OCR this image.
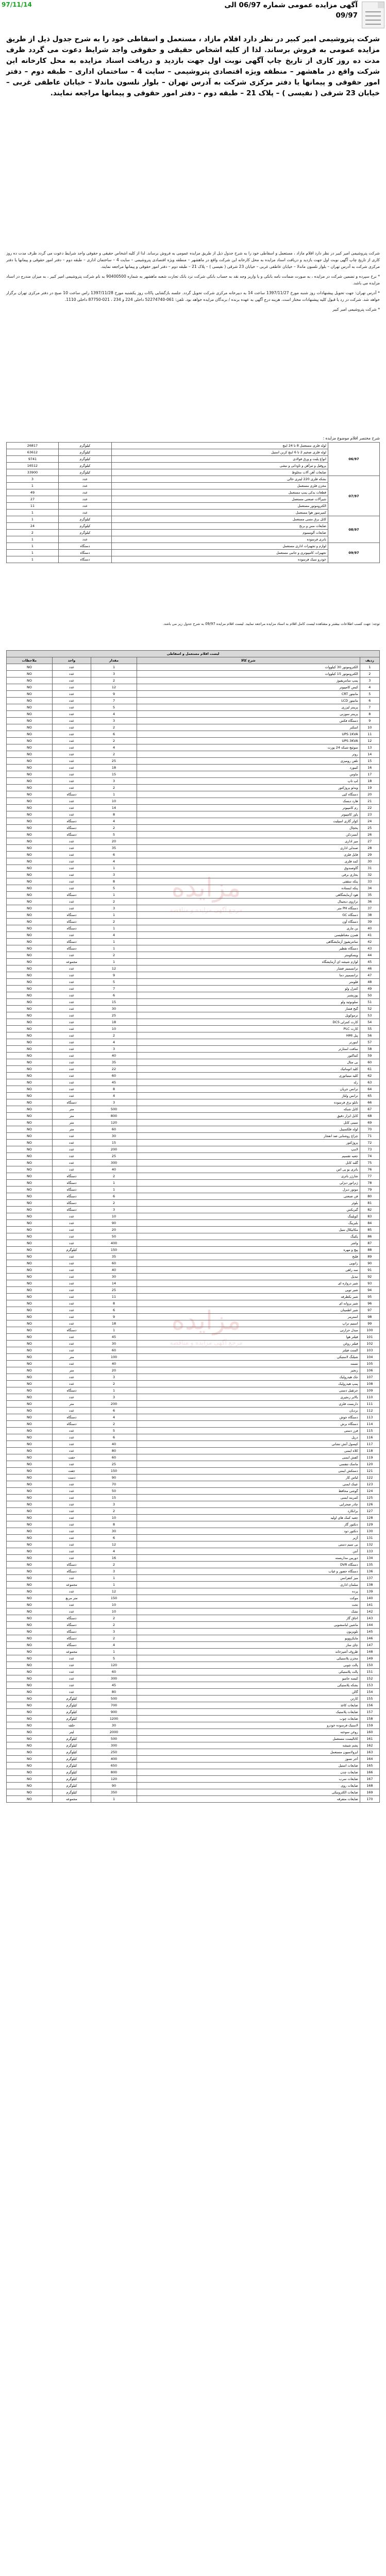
آگهی مزایده عمومی شماره 06/97 الی
97/11/14
09/97
شرکت پتروشیمی امیر کبیر در نظر دارد اقلام مازاد ، مستعمل و اسقاطی خود را به شرح جدول ذیل از طریق مزایده عمومی به فروش برساند. لذا از کلیه اشخاص حقیقی و حقوقی واجد شرایط دعوت می گردد ظرف مدت ده روز کاری از تاریخ چاپ آگهی نوبت اول جهت بازدید و دریافت اسناد مزایده به محل کارخانه این شرکت واقع در ماهشهر – منطقه ویژه اقتصادی پتروشیمی – سایت 4 – ساختمان اداری – طبقه دوم – دفتر امور حقوقی و پیمانها یا دفتر مرکزی شرکت به آدرس تهران – بلوار نلسون ماندلا – خیابان عاطفی غربی – خیابان 23 شرقی ( نفیسی ) – پلاک 21 – طبقه دوم – دفتر امور حقوقی و پیمانها مراجعه نمایند.

شرکت پتروشیمی امیر کبیر در نظر دارد اقلام مازاد ، مستعمل و اسقاطی خود را به شرح جدول ذیل از طریق مزایده عمومی به فروش برساند. لذا از کلیه اشخاص حقیقی و حقوقی واجد شرایط دعوت می گردد ظرف مدت ده روز کاری از تاریخ چاپ آگهی نوبت اول جهت بازدید و دریافت اسناد مزایده به محل کارخانه این شرکت واقع در ماهشهر – منطقه ویژه اقتصادی پتروشیمی – سایت 4 – ساختمان اداری – طبقه دوم – دفتر امور حقوقی و پیمانها یا دفتر مرکزی شرکت به آدرس تهران – بلوار نلسون ماندلا – خیابان عاطفی غربی – خیابان 23 شرقی ( نفیسی ) – پلاک 21 – طبقه دوم – دفتر امور حقوقی و پیمانها مراجعه نمایند.

* نرخ سپرده و تضمین شرکت در مزایده ، به صورت ضمانت نامه بانکی و یا واریز وجه نقد به حساب بانکی شرکت نزد بانک تجارت شعبه ماهشهر به شماره 90400500 به نام شرکت پتروشیمی امیر کبیر ، به میزان مندرج در اسناد مزایده می باشد.

* آدرس تهران: جهت تحویل پیشنهادات روز شنبه مورخ 1397/11/27 ساعت 14 به دبیرخانه مرکزی شرکت تحویل گردد. جلسه بازگشایی پاکات روز یکشنبه مورخ 1397/11/28 راس ساعت 10 صبح در دفتر مرکزی تهران برگزار خواهد شد. شرکت در رد یا قبول کلیه پیشنهادات مختار است. هزینه درج آگهی به عهده برنده / برندگان مزایده خواهد بود. تلفن: 061-52274740 داخلی 224 و 234 ، 021-87750 داخلی 1110.

* شرکت پتروشیمی امیر کبیر

شرح مختصر اقلام موضوع مزایده :
06/97	لوله فلزی مستعمل 8 تا 24 اینچ	کیلوگرم	26817
	لوله فلزی ضخیم 2 تا 6 اینچ کربن استیل	کیلوگرم	63612
	انواع پلیت و ورق فولادی	کیلوگرم	9741
	پروفیل و تیرآهن و ناودانی و نبشی	کیلوگرم	16512
	ضایعات آهن آلات مخلوط	کیلوگرم	33900
07/97	بشکه فلزی 220 لیتری خالی	عدد	3
	مخزن فلزی مستعمل	عدد	1
	قطعات یدکی پمپ مستعمل	عدد	49
	شیرآلات صنعتی مستعمل	عدد	27
	الکتروموتور مستعمل	عدد	11
	کمپرسور هوا مستعمل	عدد	1
08/97	کابل برق مسی مستعمل	کیلوگرم	1
	ضایعات مس و برنج	کیلوگرم	24
	ضایعات آلومینیوم	کیلوگرم	2
	باتری فرسوده	عدد	1
09/97	لوازم و تجهیزات اداری مستعمل	دستگاه	1
	تجهیزات کامپیوتری و جانبی مستعمل	دستگاه	1
	خودرو سبک فرسوده	دستگاه	1
توجه: جهت کسب اطلاعات بیشتر و مشاهده لیست کامل اقلام به اسناد مزایده مراجعه نمایید. لیست اقلام مزایده 09/97 به شرح جدول زیر می باشد.
لیست اقلام مستعمل و اسقاطی				
ردیف	شرح کالا	مقدار	واحد	ملاحظات
1	الکتروموتور 30 کیلووات	1	عدد	NO
2	الکتروموتور 15 کیلووات	3	عدد	NO
3	پمپ سانتریفیوژ	2	عدد	NO
4	کیس کامپیوتر	12	عدد	NO
5	مانیتور CRT	9	عدد	NO
6	مانیتور LCD	7	عدد	NO
7	پرینتر لیزری	5	عدد	NO
8	پرینتر سوزنی	4	عدد	NO
9	دستگاه فکس	3	عدد	NO
10	اسکنر	2	عدد	NO
11	UPS 1KVA	6	عدد	NO
12	UPS 3KVA	2	عدد	NO
13	سوئیچ شبکه 24 پورت	4	عدد	NO
14	روتر	2	عدد	NO
15	تلفن رومیزی	25	عدد	NO
16	کیبورد	18	عدد	NO
17	ماوس	15	عدد	NO
18	لپ تاپ	3	عدد	NO
19	ویدئو پروژکتور	2	عدد	NO
20	دستگاه کپی	1	دستگاه	NO
21	هارد دیسک	10	عدد	NO
22	رم کامپیوتر	14	عدد	NO
23	پاور کامپیوتر	8	عدد	NO
24	کولر گازی اسپلیت	4	دستگاه	NO
25	یخچال	2	دستگاه	NO
26	آبسردکن	5	دستگاه	NO
27	میز اداری	20	عدد	NO
28	صندلی اداری	35	عدد	NO
29	فایل فلزی	6	عدد	NO
30	کمد فلزی	4	عدد	NO
31	گاوصندوق	1	عدد	NO
32	بخاری برقی	3	عدد	NO
33	پنکه سقفی	8	عدد	NO
34	پنکه ایستاده	5	عدد	NO
35	هود آزمایشگاهی	1	دستگاه	NO
36	ترازوی دیجیتال	2	عدد	NO
37	دستگاه PH متر	3	عدد	NO
38	دستگاه GC	1	دستگاه	NO
39	دستگاه آون	2	دستگاه	NO
40	بن ماری	1	دستگاه	NO
41	همزن مغناطیسی	4	عدد	NO
42	سانتریفیوژ آزمایشگاهی	1	دستگاه	NO
43	دستگاه تقطیر	1	دستگاه	NO
44	ویسکومتر	2	عدد	NO
45	لوازم شیشه ای آزمایشگاه	1	مجموعه	NO
46	ترانسمیتر فشار	12	عدد	NO
47	ترانسمیتر دما	9	عدد	NO
48	فلومتر	5	عدد	NO
49	کنترل ولو	7	عدد	NO
50	پوزیشنر	6	عدد	NO
51	سلونوئید ولو	15	عدد	NO
52	گیج فشار	30	عدد	NO
53	ترموکوپل	25	عدد	NO
54	کارت کنترلی DCS	18	عدد	NO
55	کارت PLC	10	عدد	NO
56	پنل HMI	2	عدد	NO
57	اینورتر	4	عدد	NO
58	سافت استارتر	3	عدد	NO
59	کنتاکتور	40	عدد	NO
60	بی متال	35	عدد	NO
61	کلید اتوماتیک	22	عدد	NO
62	کلید مینیاتوری	60	عدد	NO
63	رله	45	عدد	NO
64	ترانس جریان	8	عدد	NO
65	ترانس ولتاژ	4	عدد	NO
66	تابلو برق فرسوده	3	دستگاه	NO
67	کابل شبکه	500	متر	NO
68	کابل ابزار دقیق	800	متر	NO
69	سینی کابل	120	متر	NO
70	لوله فلکسیبل	60	متر	NO
71	چراغ روشنایی ضد انفجار	30	عدد	NO
72	پروژکتور	15	عدد	NO
73	لامپ	200	عدد	NO
74	جعبه تقسیم	25	عدد	NO
75	گلند کابل	300	عدد	NO
76	باتری یو پی اس	40	عدد	NO
77	شارژر باتری	2	دستگاه	NO
78	ژنراتور دیزلی	1	دستگاه	NO
79	موتور دیزل	1	دستگاه	NO
80	فن صنعتی	6	دستگاه	NO
81	بلوئر	2	دستگاه	NO
82	گیربکس	3	دستگاه	NO
83	کوپلینگ	10	عدد	NO
84	بلبرینگ	90	عدد	NO
85	مکانیکال سیل	20	عدد	NO
86	پکینگ	50	عدد	NO
87	واشر	400	عدد	NO
88	پیچ و مهره	150	کیلوگرم	NO
89	فلنج	35	عدد	NO
90	زانویی	60	عدد	NO
91	سه راهی	40	عدد	NO
92	تبدیل	30	عدد	NO
93	شیر دروازه ای	14	عدد	NO
94	شیر توپی	25	عدد	NO
95	شیر یکطرفه	11	عدد	NO
96	شیر پروانه ای	8	عدد	NO
97	شیر اطمینان	6	عدد	NO
98	استرینر	9	عدد	NO
99	استیم تراپ	18	عدد	NO
100	مبدل حرارتی	1	دستگاه	NO
101	فیلتر هوا	45	عدد	NO
102	فیلتر روغن	30	عدد	NO
103	المنت فیلتر	60	عدد	NO
104	شیلنگ لاستیکی	100	متر	NO
105	تسمه	40	عدد	NO
106	زنجیر	20	متر	NO
107	جک هیدرولیک	3	عدد	NO
108	پمپ هیدرولیک	2	عدد	NO
109	جرثقیل دستی	1	دستگاه	NO
110	بالابر زنجیری	3	عدد	NO
111	داربست فلزی	200	متر	NO
112	نردبان	6	عدد	NO
113	دستگاه جوش	4	دستگاه	NO
114	دستگاه برش	2	دستگاه	NO
115	فرز دستی	5	عدد	NO
116	دریل	6	عدد	NO
117	کپسول آتش نشانی	40	عدد	NO
118	کلاه ایمنی	80	عدد	NO
119	کفش ایمنی	60	جفت	NO
120	ماسک تنفسی	25	عدد	NO
121	دستکش ایمنی	150	جفت	NO
122	لباس کار	90	دست	NO
123	عینک ایمنی	70	عدد	NO
124	گوشی محافظ	50	عدد	NO
125	کمربند ایمنی	15	عدد	NO
126	چادر صحرایی	3	عدد	NO
127	برانکارد	2	عدد	NO
128	جعبه کمک های اولیه	10	عدد	NO
129	دتکتور گاز	8	عدد	NO
130	دتکتور دود	30	عدد	NO
131	آژیر	6	عدد	NO
132	بی سیم دستی	12	عدد	NO
133	آنتن	4	عدد	NO
134	دوربین مداربسته	16	عدد	NO
135	دستگاه DVR	2	دستگاه	NO
136	دستگاه حضور و غیاب	3	دستگاه	NO
137	میز کنفرانس	1	عدد	NO
138	مبلمان اداری	1	مجموعه	NO
139	پرده	12	عدد	NO
140	موکت	150	متر مربع	NO
141	تخت	10	عدد	NO
142	تشک	10	عدد	NO
143	اجاق گاز	2	دستگاه	NO
144	ماشین لباسشویی	2	دستگاه	NO
145	تلویزیون	3	دستگاه	NO
146	مایکروویو	2	دستگاه	NO
147	چای ساز	4	دستگاه	NO
148	ظروف آشپزخانه	1	مجموعه	NO
149	مخزن پلاستیکی	5	عدد	NO
150	پالت چوبی	120	عدد	NO
151	پالت پلاستیکی	60	عدد	NO
152	کیسه جامبو	300	عدد	NO
153	بشکه پلاستیکی	45	عدد	NO
154	گالن	80	عدد	NO
155	کارتن	500	کیلوگرم	NO
156	ضایعات کاغذ	700	کیلوگرم	NO
157	ضایعات پلاستیک	900	کیلوگرم	NO
158	ضایعات چوب	1200	کیلوگرم	NO
159	لاستیک فرسوده خودرو	30	حلقه	NO
160	روغن سوخته	2000	لیتر	NO
161	کاتالیست مستعمل	500	کیلوگرم	NO
162	پشم شیشه	300	کیلوگرم	NO
163	ایزولاسیون مستعمل	250	کیلوگرم	NO
164	آجر نسوز	400	کیلوگرم	NO
165	ضایعات استیل	650	کیلوگرم	NO
166	ضایعات چدن	800	کیلوگرم	NO
167	ضایعات سرب	120	کیلوگرم	NO
168	ضایعات روی	90	کیلوگرم	NO
169	ضایعات الکترونیکی	350	کیلوگرم	NO
170	ضایعات متفرقه	1	مجموعه	NO
مزایده
مرجع آگهی مزایده و مناقصه
مزایده
مرجع آگهی مزایده و مناقصه
